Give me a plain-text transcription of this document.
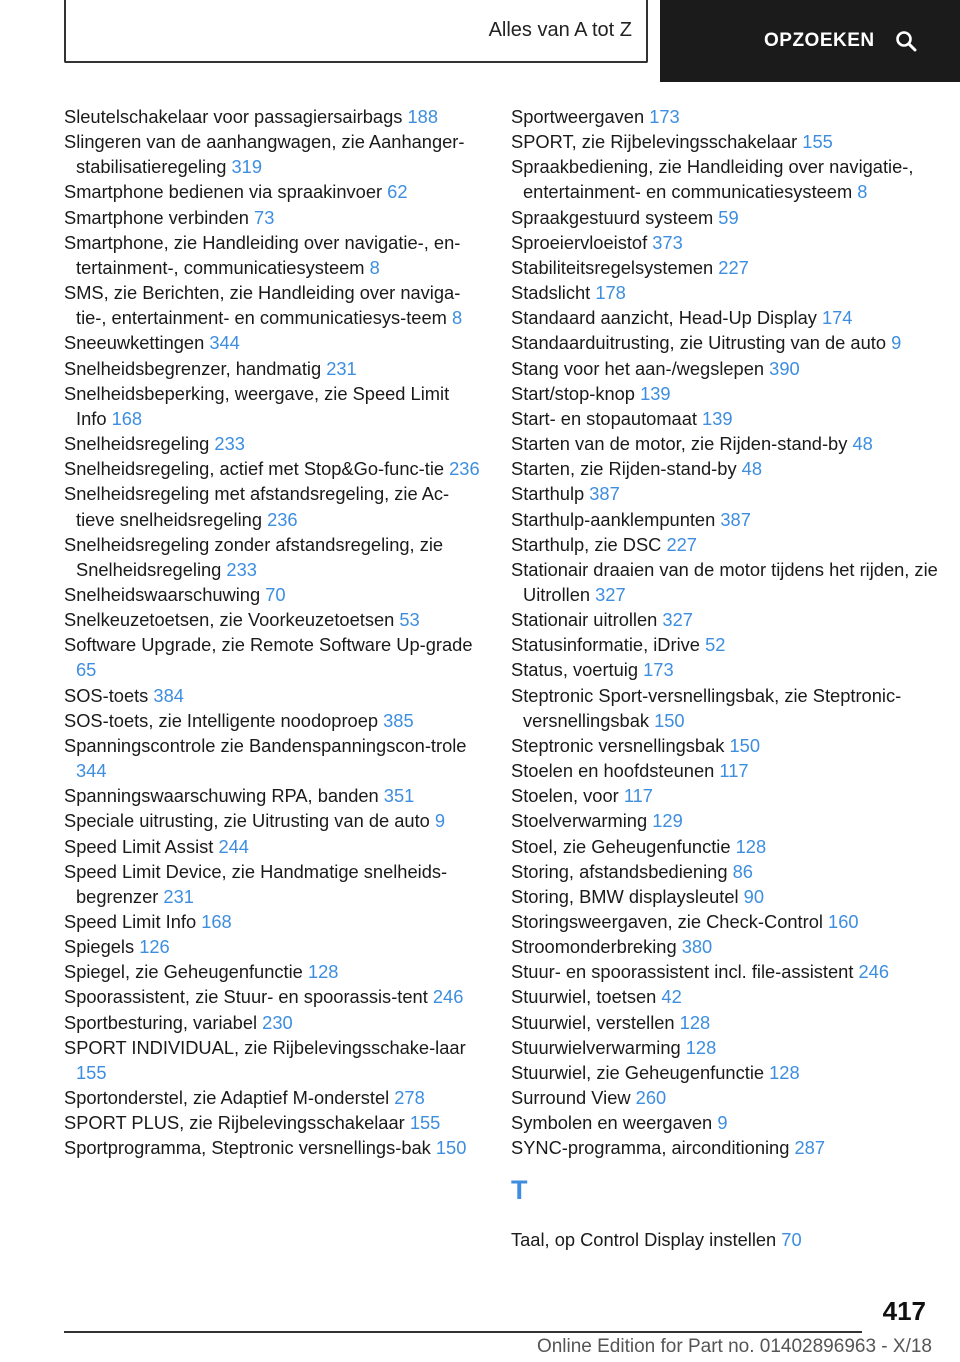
Alles van A tot Z	OPZOEKEN
Sleutelschakelaar voor passagiersairbags 188
Slingeren van de aanhangwagen, zie Aanhanger-stabilisatieregeling 319
Smartphone bedienen via spraakinvoer 62
Smartphone verbinden 73
Smartphone, zie Handleiding over navigatie-, en-tertainment-, communicatiesysteem 8
SMS, zie Berichten, zie Handleiding over naviga-tie-, entertainment- en communicatiesys-teem 8
Sneeuwkettingen 344
Snelheidsbegrenzer, handmatig 231
Snelheidsbeperking, weergave, zie Speed Limit Info 168
Snelheidsregeling 233
Snelheidsregeling, actief met Stop&Go-func-tie 236
Snelheidsregeling met afstandsregeling, zie Ac-tieve snelheidsregeling 236
Snelheidsregeling zonder afstandsregeling, zie Snelheidsregeling 233
Snelheidswaarschuwing 70
Snelkeuzetoetsen, zie Voorkeuzetoetsen 53
Software Upgrade, zie Remote Software Up-grade 65
SOS-toets 384
SOS-toets, zie Intelligente noodoproep 385
Spanningscontrole zie Bandenspanningscon-trole 344
Spanningswaarschuwing RPA, banden 351
Speciale uitrusting, zie Uitrusting van de auto 9
Speed Limit Assist 244
Speed Limit Device, zie Handmatige snelheids-begrenzer 231
Speed Limit Info 168
Spiegels 126
Spiegel, zie Geheugenfunctie 128
Spoorassistent, zie Stuur- en spoorassis-tent 246
Sportbesturing, variabel 230
SPORT INDIVIDUAL, zie Rijbelevingsschake-laar 155
Sportonderstel, zie Adaptief M-onderstel 278
SPORT PLUS, zie Rijbelevingsschakelaar 155
Sportprogramma, Steptronic versnellings-bak 150
Sportweergaven 173
SPORT, zie Rijbelevingsschakelaar 155
Spraakbediening, zie Handleiding over navigatie-, entertainment- en communicatiesysteem 8
Spraakgestuurd systeem 59
Sproeiervloeistof 373
Stabiliteitsregelsystemen 227
Stadslicht 178
Standaard aanzicht, Head-Up Display 174
Standaarduitrusting, zie Uitrusting van de auto 9
Stang voor het aan-/wegslepen 390
Start/stop-knop 139
Start- en stopautomaat 139
Starten van de motor, zie Rijden-stand-by 48
Starten, zie Rijden-stand-by 48
Starthulp 387
Starthulp-aanklempunten 387
Starthulp, zie DSC 227
Stationair draaien van de motor tijdens het rijden, zie Uitrollen 327
Stationair uitrollen 327
Statusinformatie, iDrive 52
Status, voertuig 173
Steptronic Sport-versnellingsbak, zie Steptronic-versnellingsbak 150
Steptronic versnellingsbak 150
Stoelen en hoofdsteunen 117
Stoelen, voor 117
Stoelverwarming 129
Stoel, zie Geheugenfunctie 128
Storing, afstandsbediening 86
Storing, BMW displaysleutel 90
Storingsweergaven, zie Check-Control 160
Stroomonderbreking 380
Stuur- en spoorassistent incl. file-assistent 246
Stuurwiel, toetsen 42
Stuurwiel, verstellen 128
Stuurwielverwarming 128
Stuurwiel, zie Geheugenfunctie 128
Surround View 260
Symbolen en weergaven 9
SYNC-programma, airconditioning 287
T
Taal, op Control Display instellen 70
417
Online Edition for Part no. 01402896963 - X/18
